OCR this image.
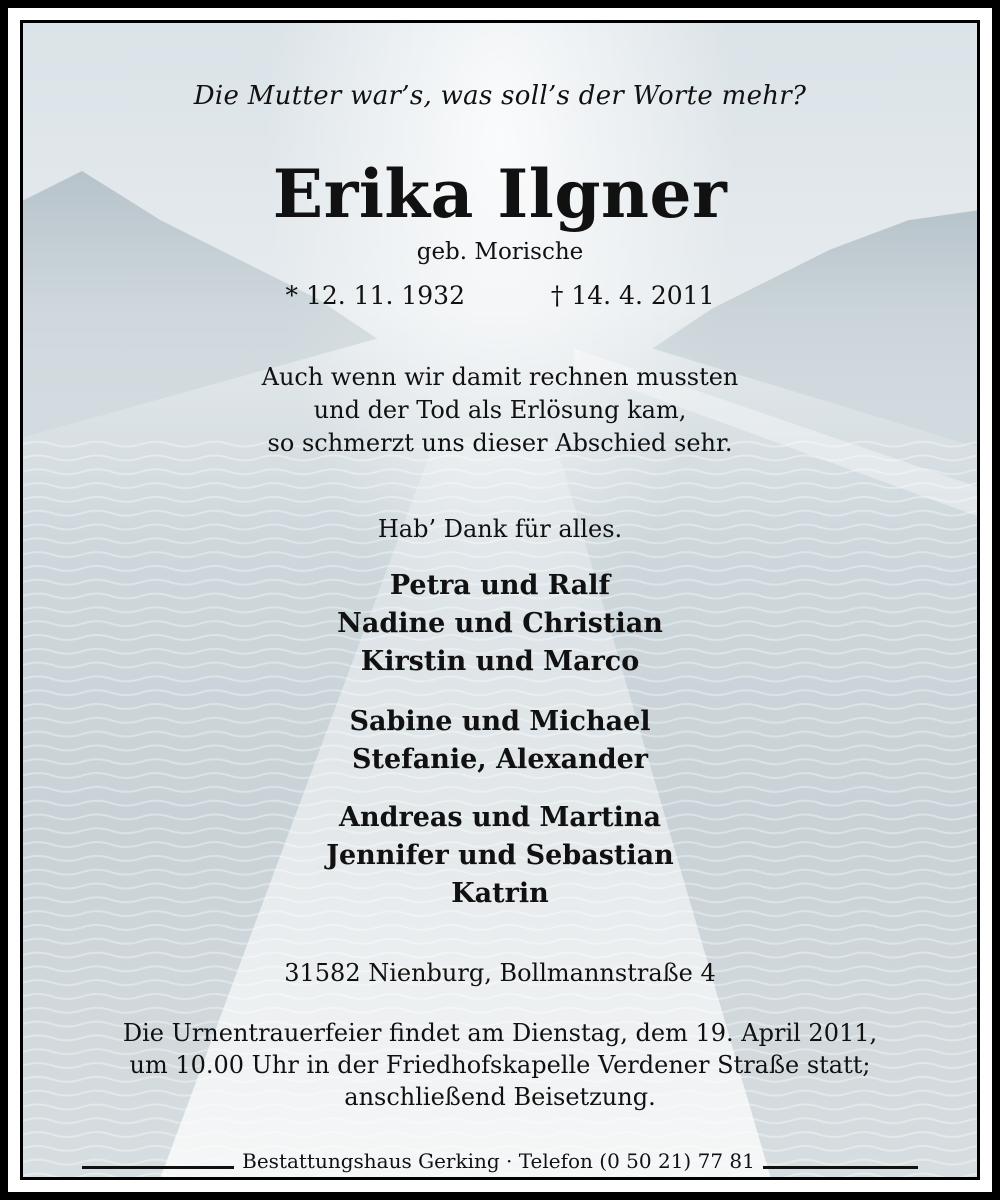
Die Mutter war’s, was soll’s der Worte mehr?
Erika Ilgner
geb. Morische
* 12. 11. 1932	† 14. 4. 2011
Auch wenn wir damit rechnen mussten
und der Tod als Erlösung kam,
so schmerzt uns dieser Abschied sehr.
Hab’ Dank für alles.
Petra und Ralf
Nadine und Christian
Kirstin und Marco
Sabine und Michael
Stefanie, Alexander
Andreas und Martina
Jennifer und Sebastian
Katrin
31582 Nienburg, Bollmannstraße 4
Die Urnentrauerfeier findet am Dienstag, dem 19. April 2011,
um 10.00 Uhr in der Friedhofskapelle Verdener Straße statt;
anschließend Beisetzung.
Bestattungshaus Gerking · Telefon (0 50 21) 77 81
